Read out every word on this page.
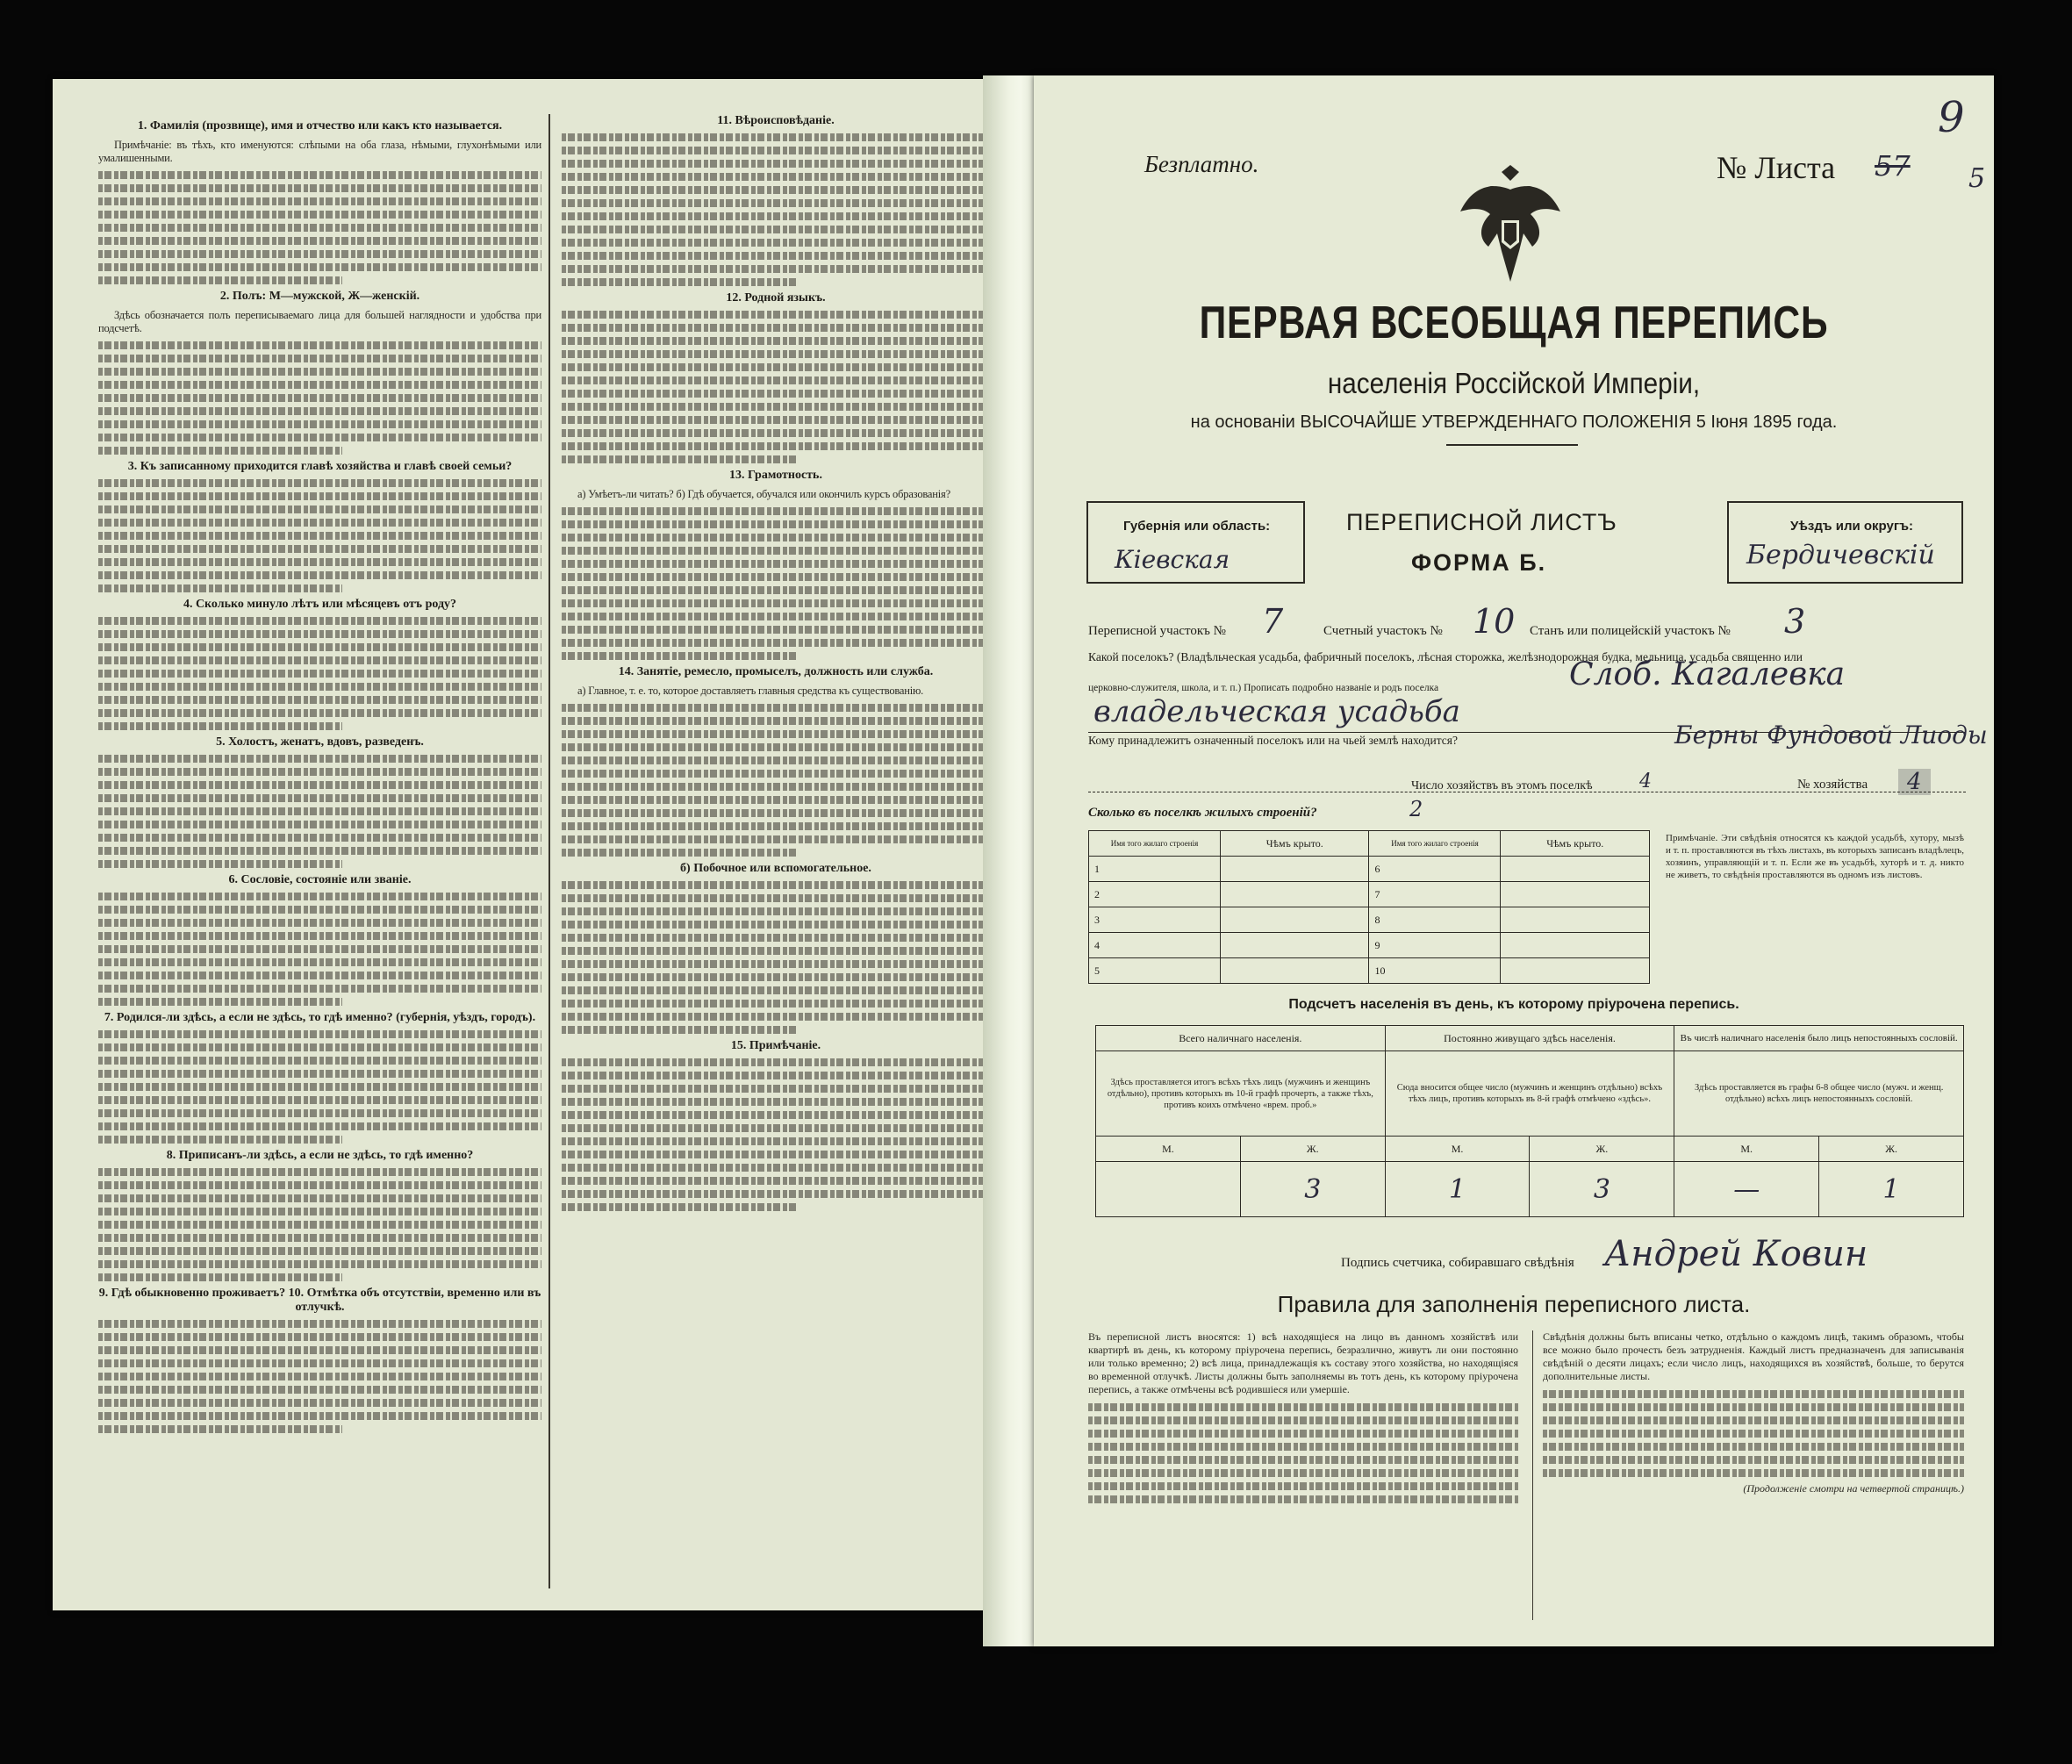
1. Фамилія (прозвище), имя и отчество или какъ кто называется.

Примѣчаніе: въ тѣхъ, кто именуются: слѣпыми на оба глаза, нѣмыми, глухонѣмыми или умалишенными.

2. Полъ: М—мужской, Ж—женскій.

Здѣсь обозначается полъ переписываемаго лица для большей наглядности и удобства при подсчетѣ.

3. Къ записанному приходится главѣ хозяйства и главѣ своей семьи?
4. Сколько минуло лѣтъ или мѣсяцевъ отъ роду?
5. Холостъ, женатъ, вдовъ, разведенъ.
6. Сословіе, состояніе или званіе.
7. Родился-ли здѣсь, а если не здѣсь, то гдѣ именно? (губернія, уѣздъ, городъ).
8. Приписанъ-ли здѣсь, а если не здѣсь, то гдѣ именно?
9. Гдѣ обыкновенно проживаетъ? 10. Отмѣтка объ отсутствіи, временно или въ отлучкѣ.
11. Вѣроисповѣданіе.
12. Родной языкъ.
13. Грамотность.

а) Умѣетъ-ли читать? б) Гдѣ обучается, обучался или окончилъ курсъ образованія?

14. Занятіе, ремесло, промыселъ, должность или служба.

а) Главное, т. е. то, которое доставляетъ главныя средства къ существованію.

б) Побочное или вспомогательное.
15. Примѣчаніе.
Безплатно.	№ Листа 57
9
5
ПЕРВАЯ ВСЕОБЩАЯ ПЕРЕПИСЬ
населенія Россійской Имперіи,
на основаніи ВЫСОЧАЙШЕ УТВЕРЖДЕННАГО ПОЛОЖЕНІЯ 5 Іюня 1895 года.
Губернія или область:
Кіевская
ПЕРЕПИСНОЙ ЛИСТЪ
ФОРМА Б.
Уѣздъ или округъ:
Бердичевскій
Переписной участокъ № 7	Счетный участокъ № 10 Станъ или полицейскій участокъ № 3
Какой поселокъ? (Владѣльческая усадьба, фабричный поселокъ, лѣсная сторожка, желѣзнодорожная будка, мельница, усадьба священно или
церковно-служителя, школа, и т. п.) Прописать подробно названіе и родъ поселка	Слоб. Кагалевка
владельческая усадьба
Кому принадлежитъ означенный поселокъ или на чьей землѣ находится?	Берны Фундовой Лиоды
Число хозяйствъ въ этомъ поселкѣ 4	№ хозяйства	4
Сколько въ поселкѣ жилыхъ строеній?	2
Имя того жилаго строенія	Чѣмъ крыто.	Имя того жилаго строенія	Чѣмъ крыто.
1		6	
2		7	
3		8	
4		9	
5		10	
Примѣчаніе. Эти свѣдѣнія относятся къ каждой усадьбѣ, хутору, мызѣ и т. п. проставляются въ тѣхъ листахъ, въ которыхъ записанъ владѣлецъ, хозяинъ, управляющій и т. п. Если же въ усадьбѣ, хуторѣ и т. д. никто не живетъ, то свѣдѣнія проставляются въ одномъ изъ листовъ.
Подсчетъ населенія въ день, къ которому пріурочена перепись.
Всего наличнаго населенія.		Постоянно живущаго здѣсь населенія.		Въ числѣ наличнаго населенія было лицъ непостоянныхъ сословій.	
Здѣсь проставляется итогъ всѣхъ тѣхъ лицъ (мужчинъ и женщинъ отдѣльно), противъ которыхъ въ 10-й графѣ прочерть, а также тѣхъ, противъ коихъ отмѣчено «врем. проб.»		Сюда вносится общее число (мужчинъ и женщинъ отдѣльно) всѣхъ тѣхъ лицъ, противъ которыхъ въ 8-й графѣ отмѣчено «здѣсь».		Здѣсь проставляется въ графы 6-8 общее число (мужч. и женщ. отдѣльно) всѣхъ лицъ непостоянныхъ сословій.	
М.	Ж.	М.	Ж.	М.	Ж.
	3	1	3	—	1
Подпись счетчика, собиравшаго свѣдѣнія Андрей Ковин
Правила для заполненія переписного листа.
Въ переписной листъ вносятся: 1) всѣ находящіеся на лицо въ данномъ хозяйствѣ или квартирѣ въ день, къ которому пріурочена перепись, безразлично, живутъ ли они постоянно или только временно; 2) всѣ лица, принадлежащія къ составу этого хозяйства, но находящіяся во временной отлучкѣ. Листы должны быть заполняемы въ тотъ день, къ которому пріурочена перепись, а также отмѣчены всѣ родившіеся или умершіе.
Свѣдѣнія должны быть вписаны четко, отдѣльно о каждомъ лицѣ, такимъ образомъ, чтобы все можно было прочесть безъ затрудненія. Каждый листъ предназначенъ для записыванія свѣдѣній о десяти лицахъ; если число лицъ, находящихся въ хозяйствѣ, больше, то берутся дополнительные листы.
(Продолженіе смотри на четвертой страницѣ.)
